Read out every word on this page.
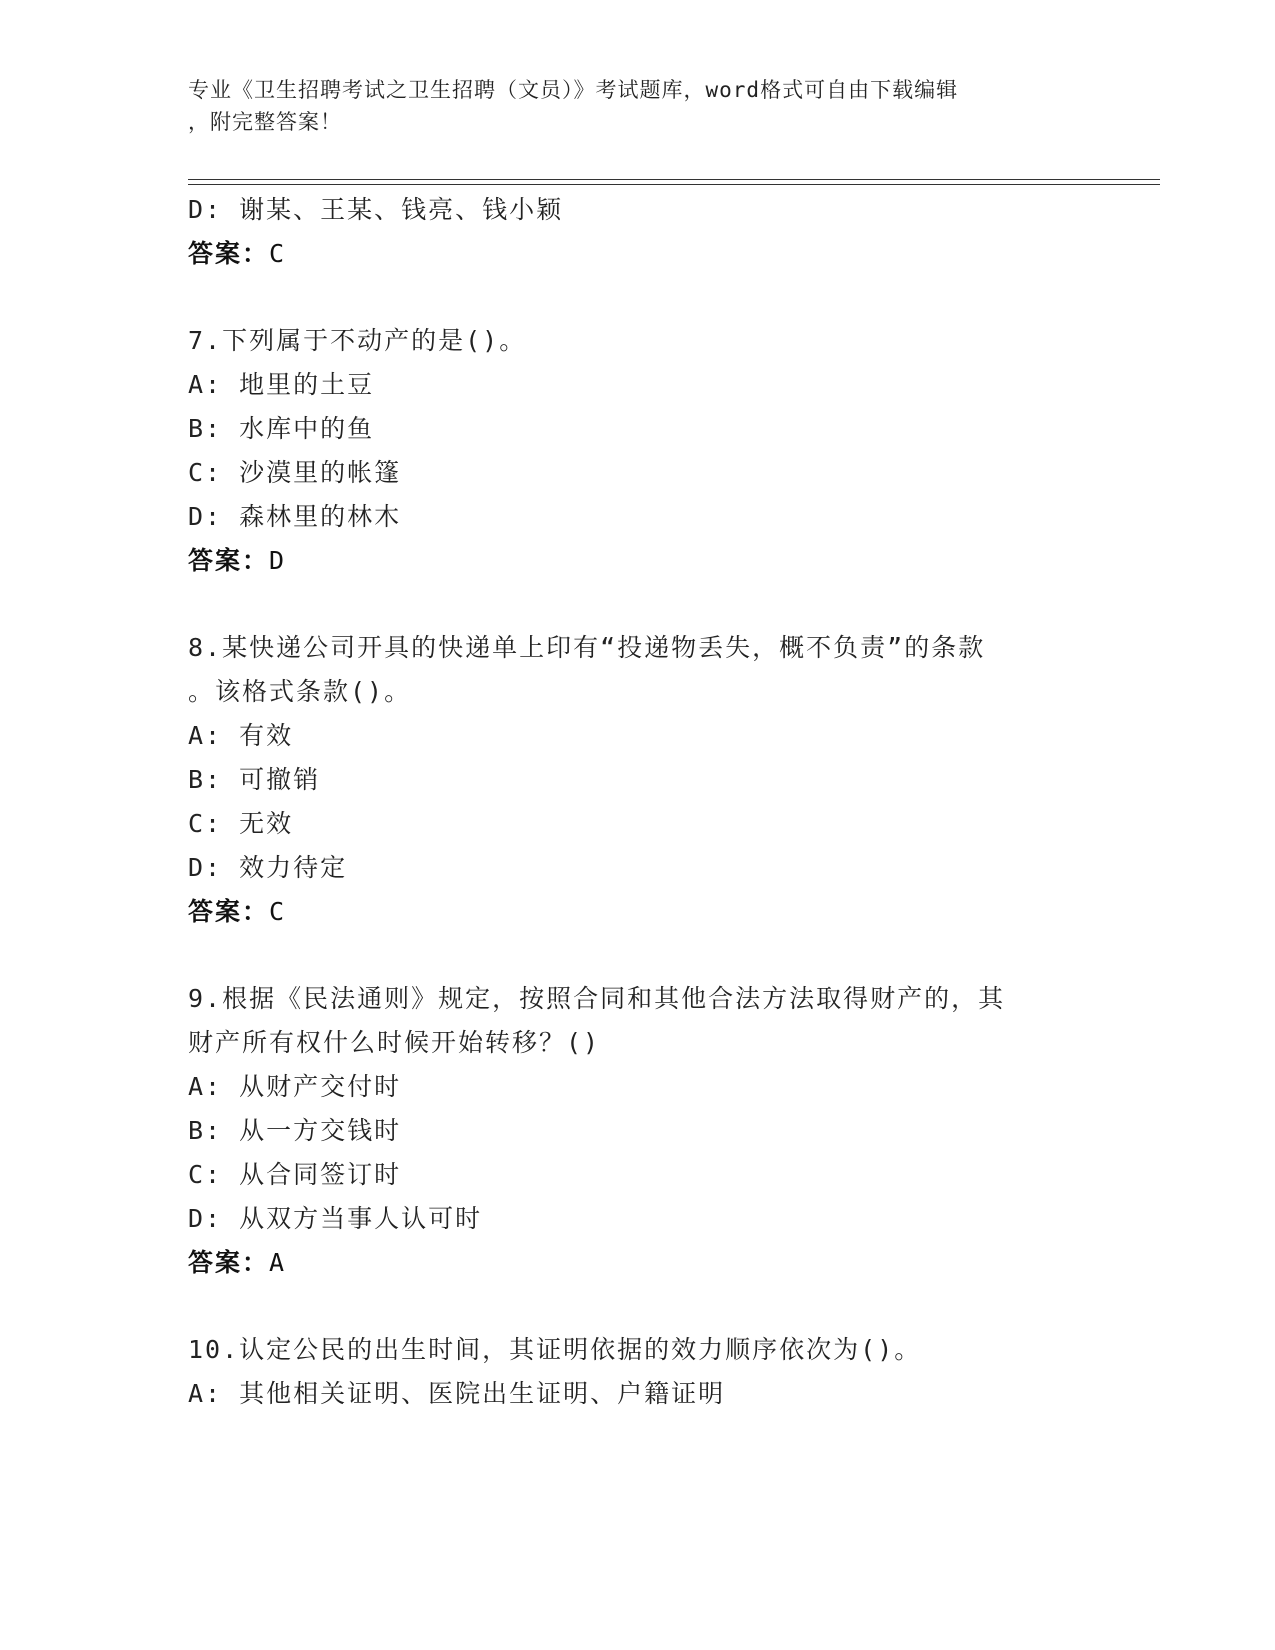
专业《卫生招聘考试之卫生招聘（文员）》考试题库，word格式可自由下载编辑
，附完整答案！
D: 谢某、王某、钱亮、钱小颖
答案：C
7.下列属于不动产的是()。
A: 地里的土豆
B: 水库中的鱼
C: 沙漠里的帐篷
D: 森林里的林木
答案：D
8.某快递公司开具的快递单上印有“投递物丢失，概不负责”的条款
。该格式条款()。
A: 有效
B: 可撤销
C: 无效
D: 效力待定
答案：C
9.根据《民法通则》规定，按照合同和其他合法方法取得财产的，其
财产所有权什么时候开始转移？()
A: 从财产交付时
B: 从一方交钱时
C: 从合同签订时
D: 从双方当事人认可时
答案：A
10.认定公民的出生时间，其证明依据的效力顺序依次为()。
A: 其他相关证明、医院出生证明、户籍证明
